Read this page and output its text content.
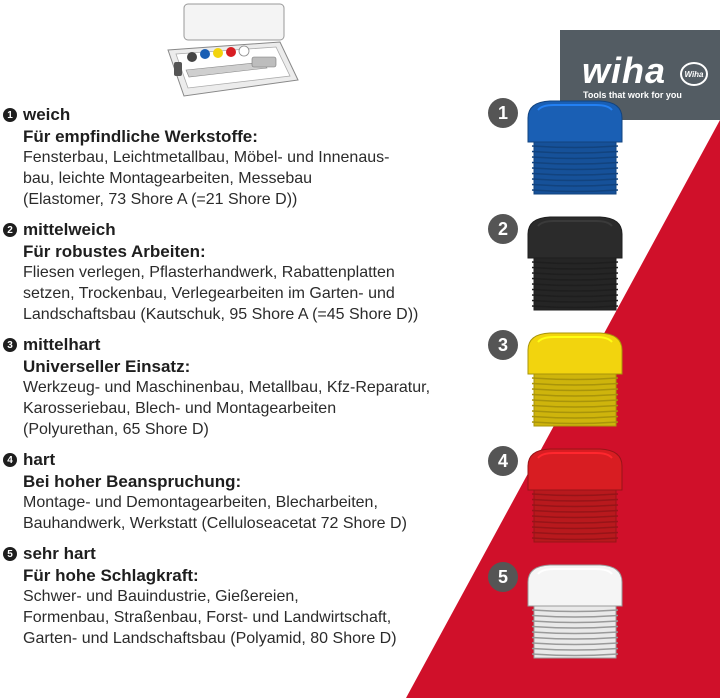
wiha	Wiha
Tools that work for you
1 weich
Für empfindliche Werkstoffe:
Fensterbau, Leichtmetallbau, Möbel- und Innenaus-
bau, leichte Montagearbeiten, Messebau
(Elastomer, 73 Shore A (=21 Shore D))
2 mittelweich
Für robustes Arbeiten:
Fliesen verlegen, Pflasterhandwerk, Rabattenplatten
setzen, Trockenbau, Verlegearbeiten im Garten- und
Landschaftsbau (Kautschuk, 95 Shore A (=45 Shore D))
3 mittelhart
Universeller Einsatz:
Werkzeug- und Maschinenbau, Metallbau, Kfz-Reparatur,
Karosseriebau, Blech- und Montagearbeiten
(Polyurethan, 65 Shore D)
4 hart
Bei hoher Beanspruchung:
Montage- und Demontagearbeiten, Blecharbeiten,
Bauhandwerk, Werkstatt (Celluloseacetat 72 Shore D)
5 sehr hart
Für hohe Schlagkraft:
Schwer- und Bauindustrie, Gießereien,
Formenbau, Straßenbau, Forst- und Landwirtschaft,
Garten- und Landschaftsbau (Polyamid, 80 Shore D)
1
2
3
4
5
